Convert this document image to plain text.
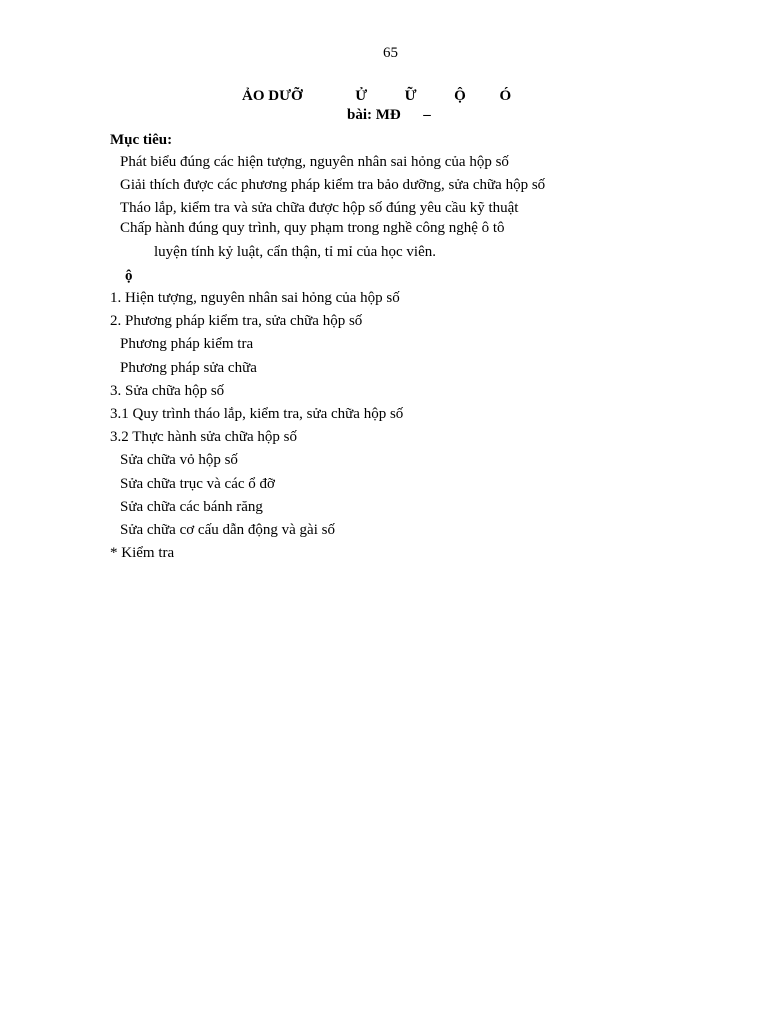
65
ẢO DƯỠ              Ử          Ữ          Ộ         Ó
bài: MĐ      –
Mục tiêu:
Phát biểu đúng các hiện tượng, nguyên nhân sai hỏng của hộp số
Giải thích được các phương pháp kiểm tra bảo dưỡng, sửa chữa hộp số
Tháo lắp, kiểm tra và sửa chữa được hộp số đúng yêu cầu kỹ thuật
Chấp hành đúng quy trình, quy phạm trong nghề công nghệ ô tô
luyện tính kỷ luật, cẩn thận, tỉ mỉ của học viên.
ộ
1. Hiện tượng, nguyên nhân sai hỏng của hộp số
2. Phương pháp kiểm tra, sửa chữa hộp số
Phương pháp kiểm tra
Phương pháp sửa chữa
3. Sửa chữa hộp số
3.1 Quy trình tháo lắp, kiểm tra, sửa chữa hộp số
3.2 Thực hành sửa chữa hộp số
Sửa chữa vỏ hộp số
Sửa chữa trục và các ổ đỡ
Sửa chữa các bánh răng
Sửa chữa cơ cấu dẫn động và gài số
* Kiểm tra
